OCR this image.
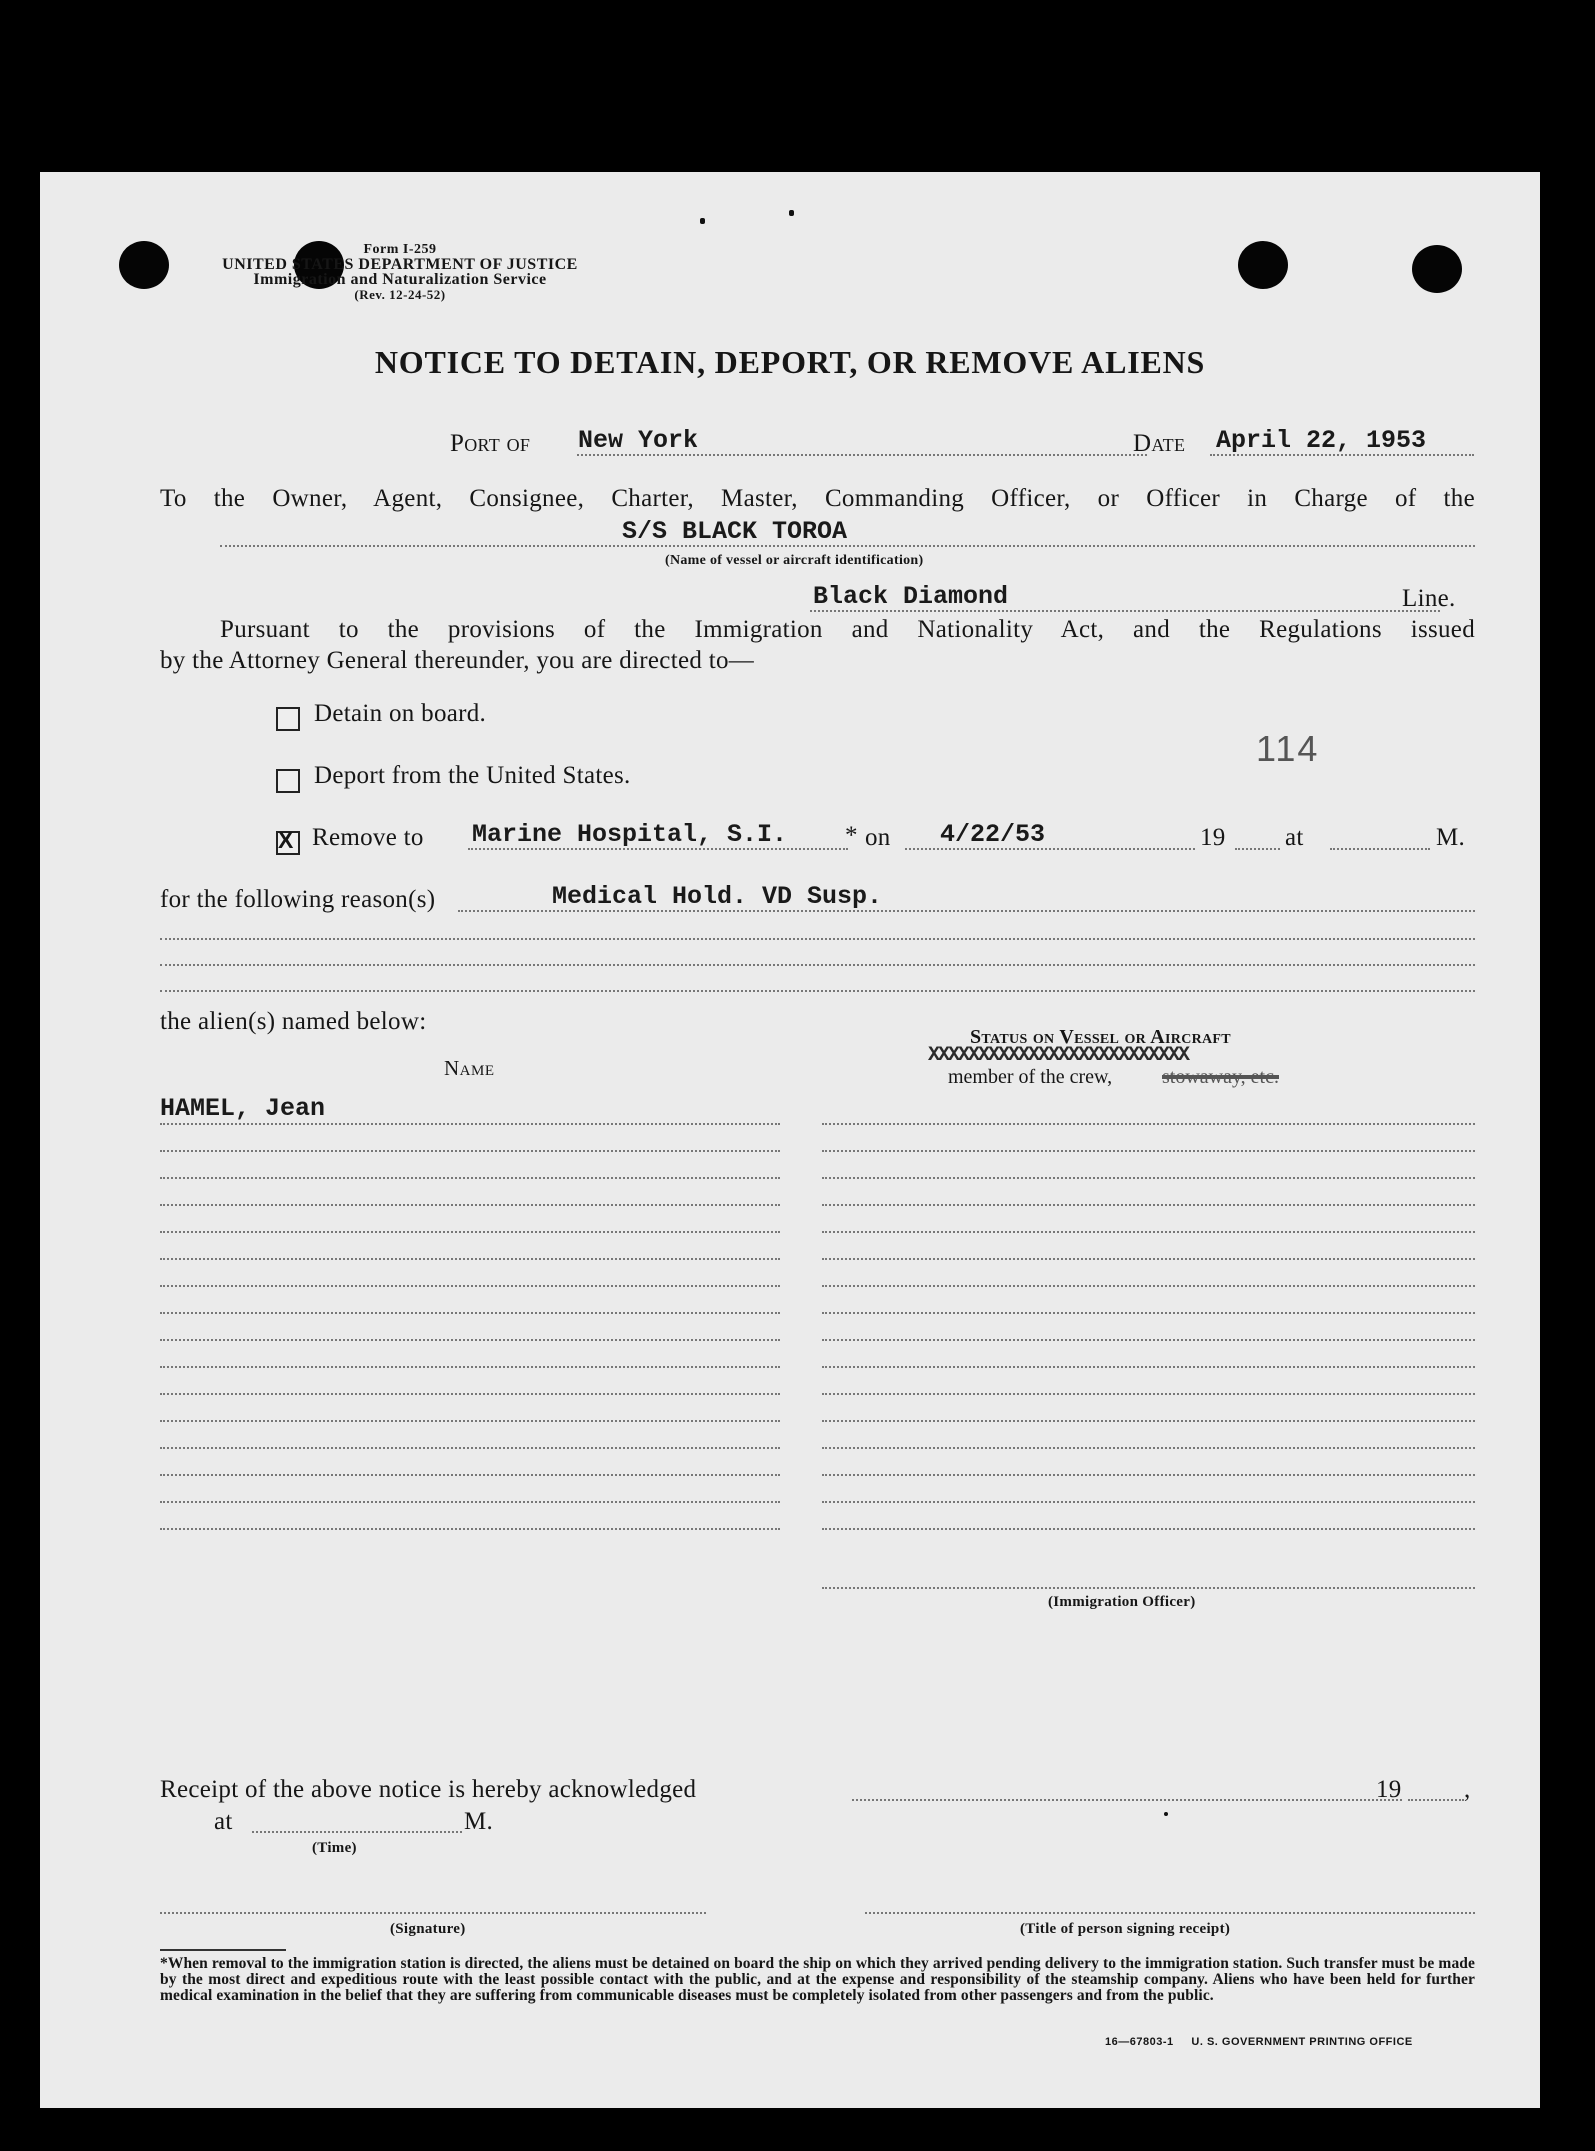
Form I-259
UNITED STATES DEPARTMENT OF JUSTICE
Immigration and Naturalization Service
(Rev. 12-24-52)
NOTICE TO DETAIN, DEPORT, OR REMOVE ALIENS
Port of New York	Date April 22, 1953
To the Owner, Agent, Consignee, Charter, Master, Commanding Officer, or Officer in Charge of the
S/S BLACK TOROA
(Name of vessel or aircraft identification)
Black Diamond	Line.
Pursuant to the provisions of the Immigration and Nationality Act, and the Regulations issued
by the Attorney General thereunder, you are directed to—
Detain on board.
114
Deport from the United States.
X Remove to Marine Hospital, S.I. * on 4/22/53	19 at	M.
for the following reason(s)	Medical Hold. VD Susp.
the alien(s) named below:
Name
Status on Vessel or Aircraft
XXXXXXXXXXXXXXXXXXXXXXXXXX
member of the crew, stowaway, etc.
HAMEL, Jean
(Immigration Officer)
Receipt of the above notice is hereby acknowledged	19 ,
at	M.
(Time)
(Signature)	(Title of person signing receipt)
*When removal to the immigration station is directed, the aliens must be detained on board the ship on which they arrived pending delivery to the immigration station. Such transfer must be made by the most direct and expeditious route with the least possible contact with the public, and at the expense and responsibility of the steamship company. Aliens who have been held for further medical examination in the belief that they are suffering from communicable diseases must be completely isolated from other passengers and from the public.
16—67803-1     U. S. GOVERNMENT PRINTING OFFICE
